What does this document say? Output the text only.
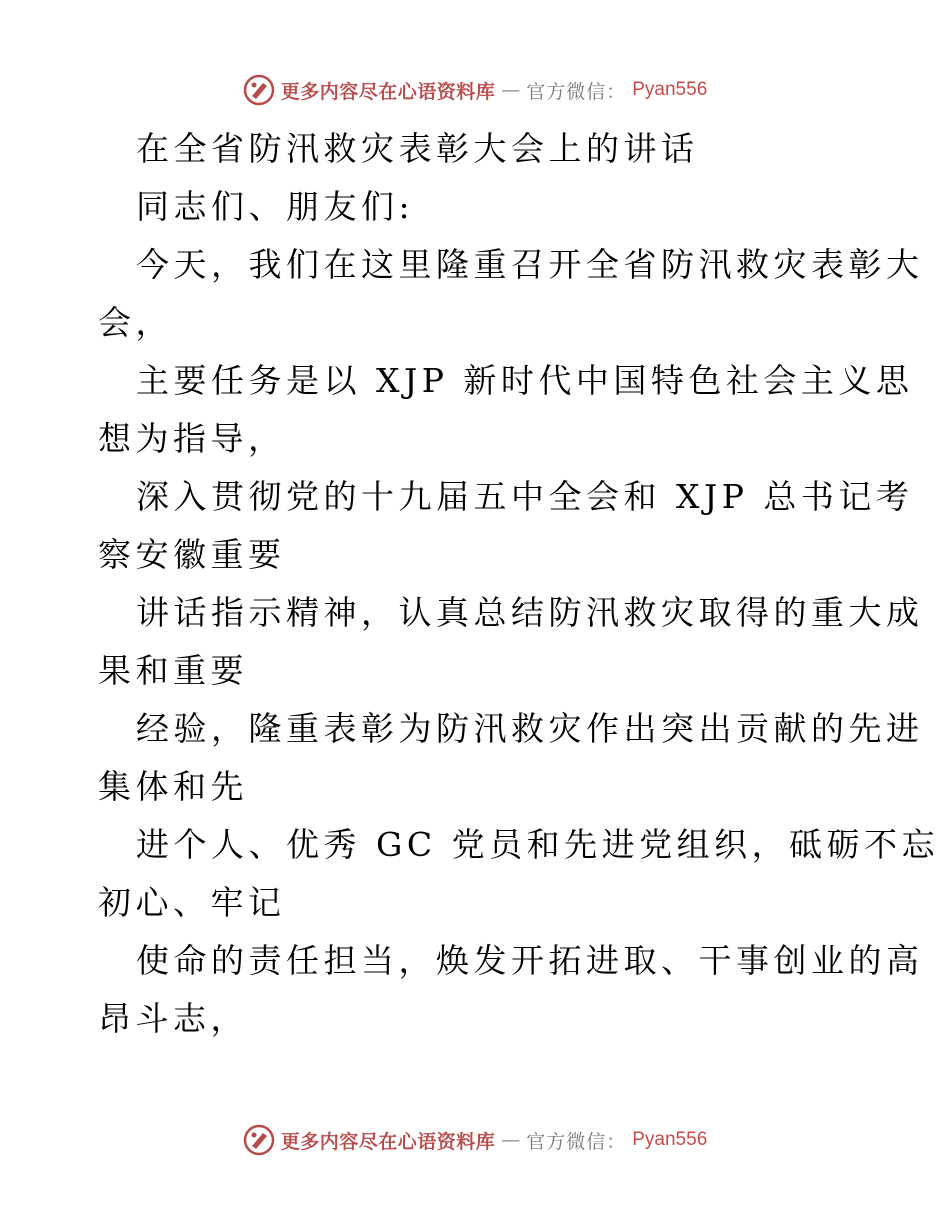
更多内容尽在心语资料库 — 官方微信： Pyan556
在全省防汛救灾表彰大会上的讲话
同志们、朋友们:
今天，我们在这里隆重召开全省防汛救灾表彰大
会，
主要任务是以 XJP 新时代中国特色社会主义思
想为指导，
深入贯彻党的十九届五中全会和 XJP 总书记考
察安徽重要
讲话指示精神，认真总结防汛救灾取得的重大成
果和重要
经验，隆重表彰为防汛救灾作出突出贡献的先进
集体和先
进个人、优秀 GC 党员和先进党组织，砥砺不忘
初心、牢记
使命的责任担当，焕发开拓进取、干事创业的高
昂斗志，
更多内容尽在心语资料库 — 官方微信： Pyan556
